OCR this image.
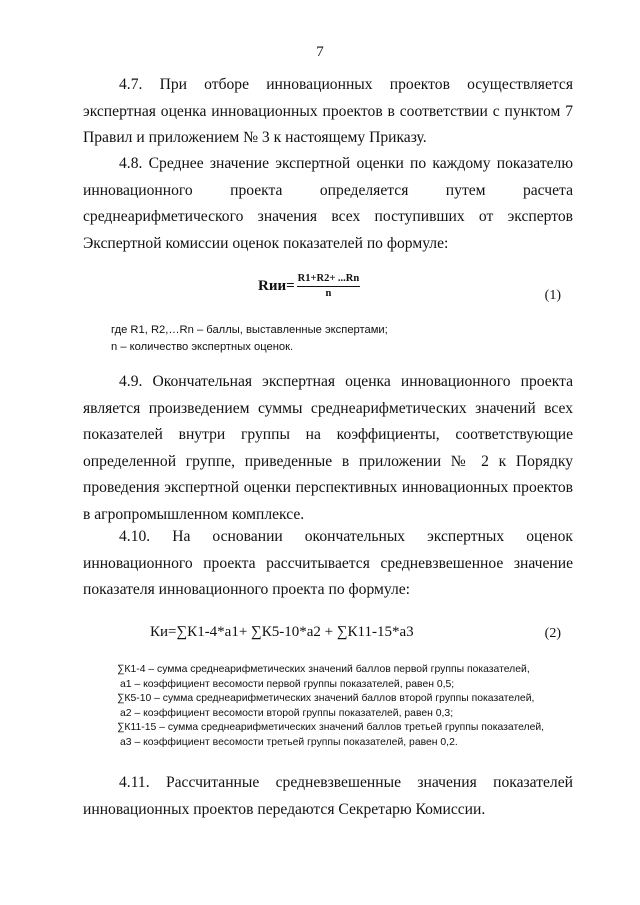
7

4.7. При отборе инновационных проектов осуществляется экспертная оценка инновационных проектов в соответствии с пунктом 7 Правил и приложением № 3 к настоящему Приказу.

4.8. Среднее значение экспертной оценки по каждому показателю инновационного проекта определяется путем расчета среднеарифметического значения всех поступивших от экспертов Экспертной комиссии оценок показателей по формуле:

$Rии= \frac{R1+R2+ ...Rn}{n}$	(1)

где R1, R2,…Rn – баллы, выставленные экспертами;

n – количество экспертных оценок.

4.9. Окончательная экспертная оценка инновационного проекта является произведением суммы среднеарифметических значений всех показателей внутри группы на коэффициенты, соответствующие определенной группе, приведенные в приложении № 2 к Порядку проведения экспертной оценки перспективных инновационных проектов в агропромышленном комплексе.

4.10. На основании окончательных экспертных оценок инновационного проекта рассчитывается средневзвешенное значение показателя инновационного проекта по формуле:

Ки=∑К1-4*а1+ ∑К5-10*а2 + ∑К11-15*а3	(2)
∑К1-4 – сумма среднеарифметических значений баллов первой группы показателей,
а1 – коэффициент весомости первой группы показателей, равен 0,5;
∑К5-10 – сумма среднеарифметических значений баллов второй группы показателей,
а2 – коэффициент весомости второй группы показателей, равен 0,3;
∑К11-15 – сумма среднеарифметических значений баллов третьей группы показателей,
а3 – коэффициент весомости третьей группы показателей, равен 0,2.

4.11. Рассчитанные средневзвешенные значения показателей инновационных проектов передаются Секретарю Комиссии.
